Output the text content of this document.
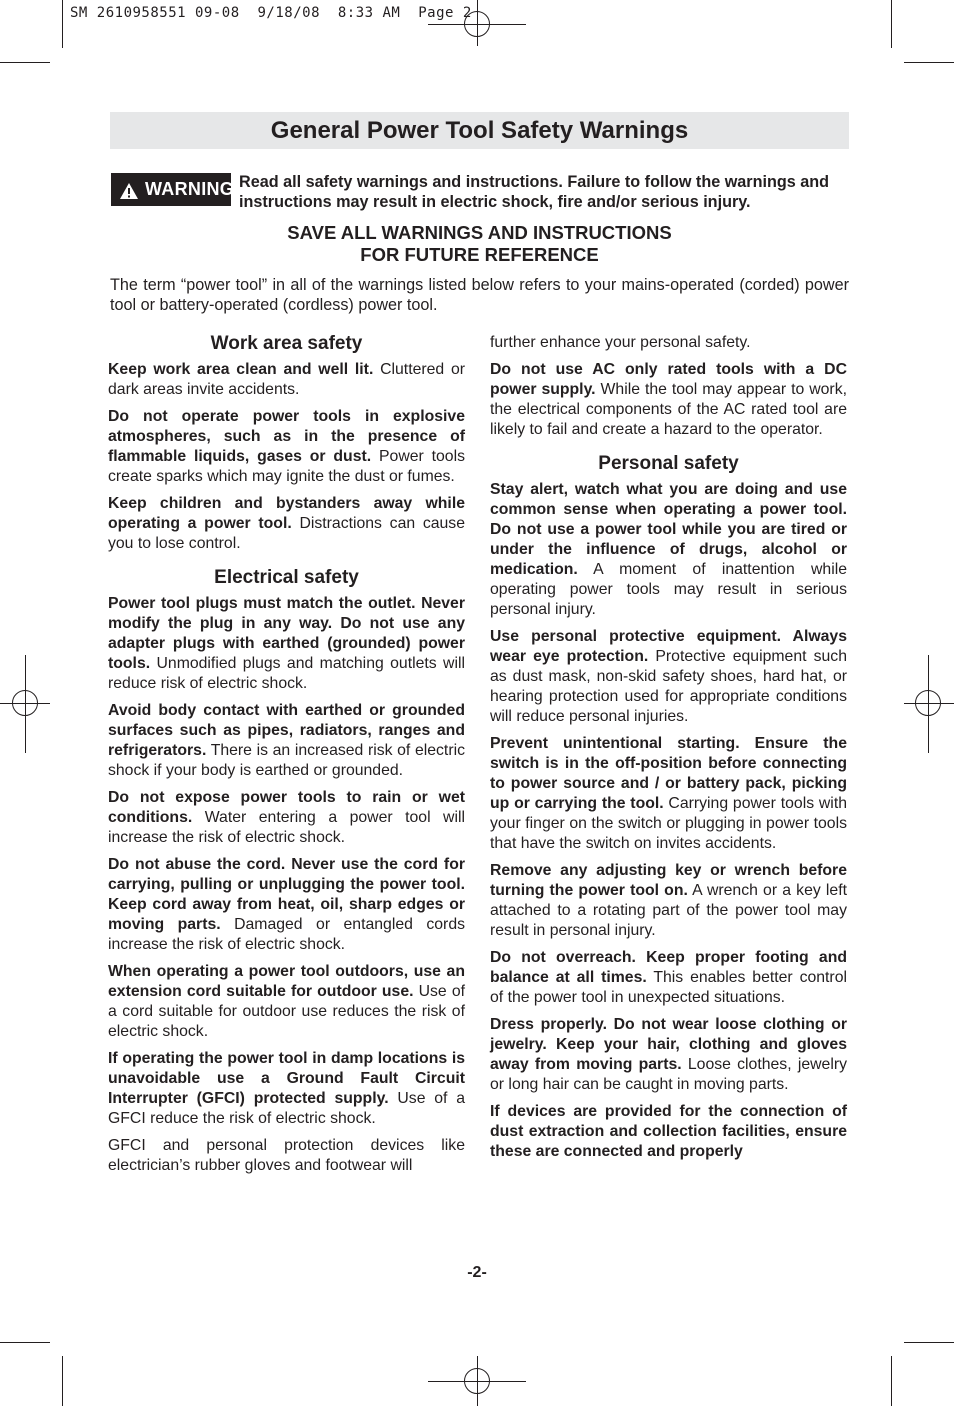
SM 2610958551 09-08  9/18/08  8:33 AM  Page 2
General Power Tool Safety Warnings
WARNING Read all safety warnings and instructions. Failure to follow the warnings and instructions may result in electric shock, fire and/or serious injury.
SAVE ALL WARNINGS AND INSTRUCTIONS
FOR FUTURE REFERENCE
The term “power tool” in all of the warnings listed below refers to your mains-operated (corded) power tool or battery-operated (cordless) power tool.
Work area safety

Keep work area clean and well lit. Cluttered or dark areas invite accidents.

Do not operate power tools in explosive atmospheres, such as in the presence of flammable liquids, gases or dust. Power tools create sparks which may ignite the dust or fumes.

Keep children and bystanders away while operating a power tool. Distractions can cause you to lose control.

Electrical safety

Power tool plugs must match the outlet. Never modify the plug in any way. Do not use any adapter plugs with earthed (grounded) power tools. Unmodified plugs and matching outlets will reduce risk of electric shock.

Avoid body contact with earthed or grounded surfaces such as pipes, radiators, ranges and refrigerators. There is an increased risk of electric shock if your body is earthed or grounded.

Do not expose power tools to rain or wet conditions. Water entering a power tool will increase the risk of electric shock.

Do not abuse the cord. Never use the cord for carrying, pulling or unplugging the power tool. Keep cord away from heat, oil, sharp edges or moving parts. Damaged or entangled cords increase the risk of electric shock.

When operating a power tool outdoors, use an extension cord suitable for outdoor use. Use of a cord suitable for outdoor use reduces the risk of electric shock.

If operating the power tool in damp locations is unavoidable use a Ground Fault Circuit Interrupter (GFCI) protected supply. Use of a GFCI reduce the risk of electric shock.

GFCI and personal protection devices like electrician’s rubber gloves and footwear will

further enhance your personal safety.

Do not use AC only rated tools with a DC power supply. While the tool may appear to work, the electrical components of the AC rated tool are likely to fail and create a hazard to the operator.

Personal safety

Stay alert, watch what you are doing and use common sense when operating a power tool. Do not use a power tool while you are tired or under the influence of drugs, alcohol or medication. A moment of inattention while operating power tools may result in serious personal injury.

Use personal protective equipment. Always wear eye protection. Protective equipment such as dust mask, non-skid safety shoes, hard hat, or hearing protection used for appropriate conditions will reduce personal injuries.

Prevent unintentional starting. Ensure the switch is in the off-position before connecting to power source and / or battery pack, picking up or carrying the tool. Carrying power tools with your finger on the switch or plugging in power tools that have the switch on invites accidents.

Remove any adjusting key or wrench before turning the power tool on. A wrench or a key left attached to a rotating part of the power tool may result in personal injury.

Do not overreach. Keep proper footing and balance at all times. This enables better control of the power tool in unexpected situations.

Dress properly. Do not wear loose clothing or jewelry. Keep your hair, clothing and gloves away from moving parts. Loose clothes, jewelry or long hair can be caught in moving parts.

If devices are provided for the connection of dust extraction and collection facilities, ensure these are connected and properly

-2-
